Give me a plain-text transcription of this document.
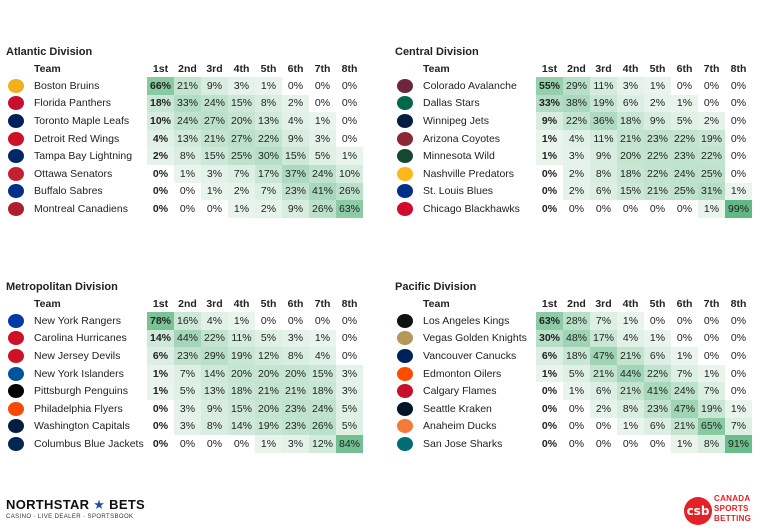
Atlantic Division
Team		1st	2nd	3rd	4th	5th	6th	7th	8th
	Boston Bruins	66%	21%	9%	3%	1%	0%	0%	0%
	Florida Panthers	18%	33%	24%	15%	8%	2%	0%	0%
	Toronto Maple Leafs	10%	24%	27%	20%	13%	4%	1%	0%
	Detroit Red Wings	4%	13%	21%	27%	22%	9%	3%	0%
	Tampa Bay Lightning	2%	8%	15%	25%	30%	15%	5%	1%
	Ottawa Senators	0%	1%	3%	7%	17%	37%	24%	10%
	Buffalo Sabres	0%	0%	1%	2%	7%	23%	41%	26%
	Montreal Canadiens	0%	0%	0%	1%	2%	9%	26%	63%
Central Division
Team		1st	2nd	3rd	4th	5th	6th	7th	8th
	Colorado Avalanche	55%	29%	11%	3%	1%	0%	0%	0%
	Dallas Stars	33%	38%	19%	6%	2%	1%	0%	0%
	Winnipeg Jets	9%	22%	36%	18%	9%	5%	2%	0%
	Arizona Coyotes	1%	4%	11%	21%	23%	22%	19%	0%
	Minnesota Wild	1%	3%	9%	20%	22%	23%	22%	0%
	Nashville Predators	0%	2%	8%	18%	22%	24%	25%	0%
	St. Louis Blues	0%	2%	6%	15%	21%	25%	31%	1%
	Chicago Blackhawks	0%	0%	0%	0%	0%	0%	1%	99%
Metropolitan Division
Team		1st	2nd	3rd	4th	5th	6th	7th	8th
	New York Rangers	78%	16%	4%	1%	0%	0%	0%	0%
	Carolina Hurricanes	14%	44%	22%	11%	5%	3%	1%	0%
	New Jersey Devils	6%	23%	29%	19%	12%	8%	4%	0%
	New York Islanders	1%	7%	14%	20%	20%	20%	15%	3%
	Pittsburgh Penguins	1%	5%	13%	18%	21%	21%	18%	3%
	Philadelphia Flyers	0%	3%	9%	15%	20%	23%	24%	5%
	Washington Capitals	0%	3%	8%	14%	19%	23%	26%	5%
	Columbus Blue Jackets	0%	0%	0%	0%	1%	3%	12%	84%
Pacific Division
Team		1st	2nd	3rd	4th	5th	6th	7th	8th
	Los Angeles Kings	63%	28%	7%	1%	0%	0%	0%	0%
	Vegas Golden Knights	30%	48%	17%	4%	1%	0%	0%	0%
	Vancouver Canucks	6%	18%	47%	21%	6%	1%	0%	0%
	Edmonton Oilers	1%	5%	21%	44%	22%	7%	1%	0%
	Calgary Flames	0%	1%	6%	21%	41%	24%	7%	0%
	Seattle Kraken	0%	0%	2%	8%	23%	47%	19%	1%
	Anaheim Ducks	0%	0%	0%	1%	6%	21%	65%	7%
	San Jose Sharks	0%	0%	0%	0%	0%	1%	8%	91%
NORTHSTAR ★ BETS
CASINO · LIVE DEALER · SPORTSBOOK	csb
CANADA
SPORTS
BETTING
